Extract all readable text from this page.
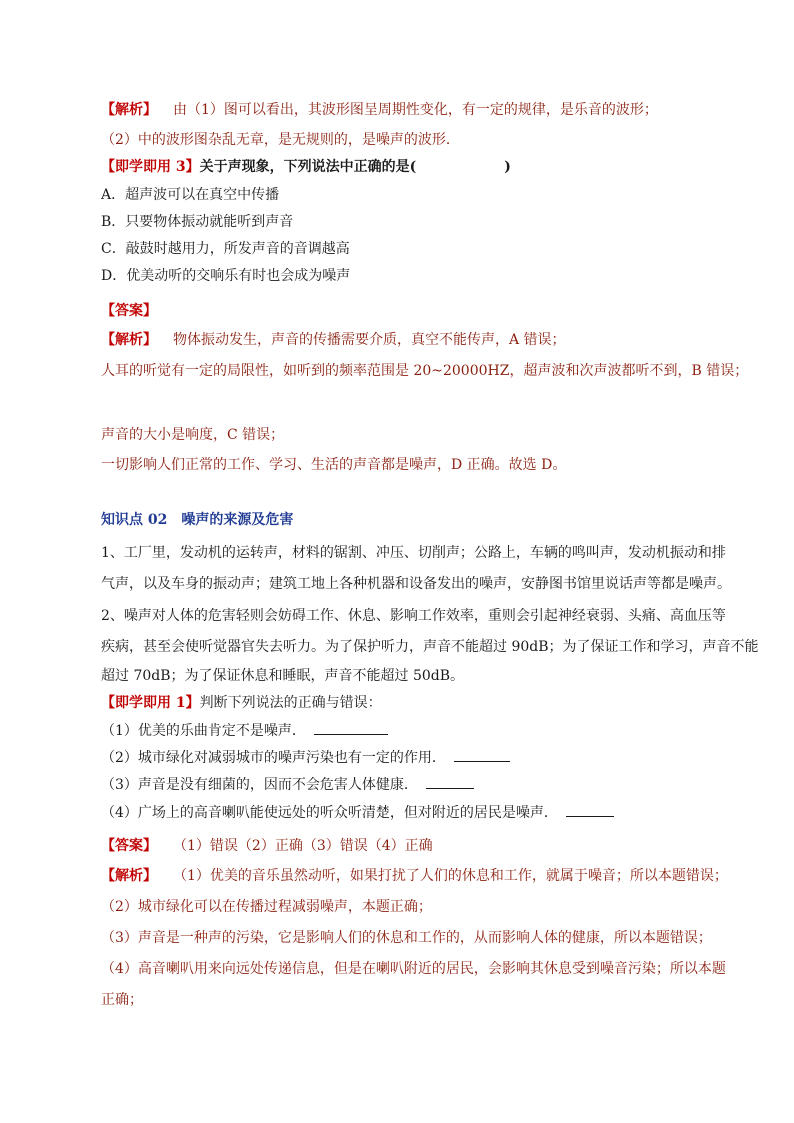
【解析】 由（1）图可以看出，其波形图呈周期性变化，有一定的规律，是乐音的波形；
（2）中的波形图杂乱无章，是无规则的，是噪声的波形．
【即学即用 3】关于声现象，下列说法中正确的是(	)
A．超声波可以在真空中传播
B．只要物体振动就能听到声音
C．敲鼓时越用力，所发声音的音调越高
D．优美动听的交响乐有时也会成为噪声
【答案】
【解析】 物体振动发生，声音的传播需要介质，真空不能传声，A 错误；
人耳的听觉有一定的局限性，如听到的频率范围是 20~20000HZ，超声波和次声波都听不到，B 错误；
声音的大小是响度，C 错误；
一切影响人们正常的工作、学习、生活的声音都是噪声，D 正确。故选 D。
知识点 02　噪声的来源及危害
1、工厂里，发动机的运转声，材料的锯割、冲压、切削声；公路上，车辆的鸣叫声，发动机振动和排
气声，以及车身的振动声；建筑工地上各种机器和设备发出的噪声，安静图书馆里说话声等都是噪声。
2、噪声对人体的危害轻则会妨碍工作、休息、影响工作效率，重则会引起神经衰弱、头痛、高血压等
疾病，甚至会使听觉器官失去听力。为了保护听力，声音不能超过 90dB；为了保证工作和学习，声音不能
超过 70dB；为了保证休息和睡眠，声音不能超过 50dB。
【即学即用 1】判断下列说法的正确与错误：
（1）优美的乐曲肯定不是噪声．
（2）城市绿化对减弱城市的噪声污染也有一定的作用．
（3）声音是没有细菌的，因而不会危害人体健康．
（4）广场上的高音喇叭能使远处的听众听清楚，但对附近的居民是噪声．
【答案】 （1）错误（2）正确（3）错误（4）正确
【解析】 （1）优美的音乐虽然动听，如果打扰了人们的休息和工作，就属于噪音；所以本题错误；
（2）城市绿化可以在传播过程减弱噪声，本题正确；
（3）声音是一种声的污染，它是影响人们的休息和工作的，从而影响人体的健康，所以本题错误；
（4）高音喇叭用来向远处传递信息，但是在喇叭附近的居民，会影响其休息受到噪音污染；所以本题
正确；
